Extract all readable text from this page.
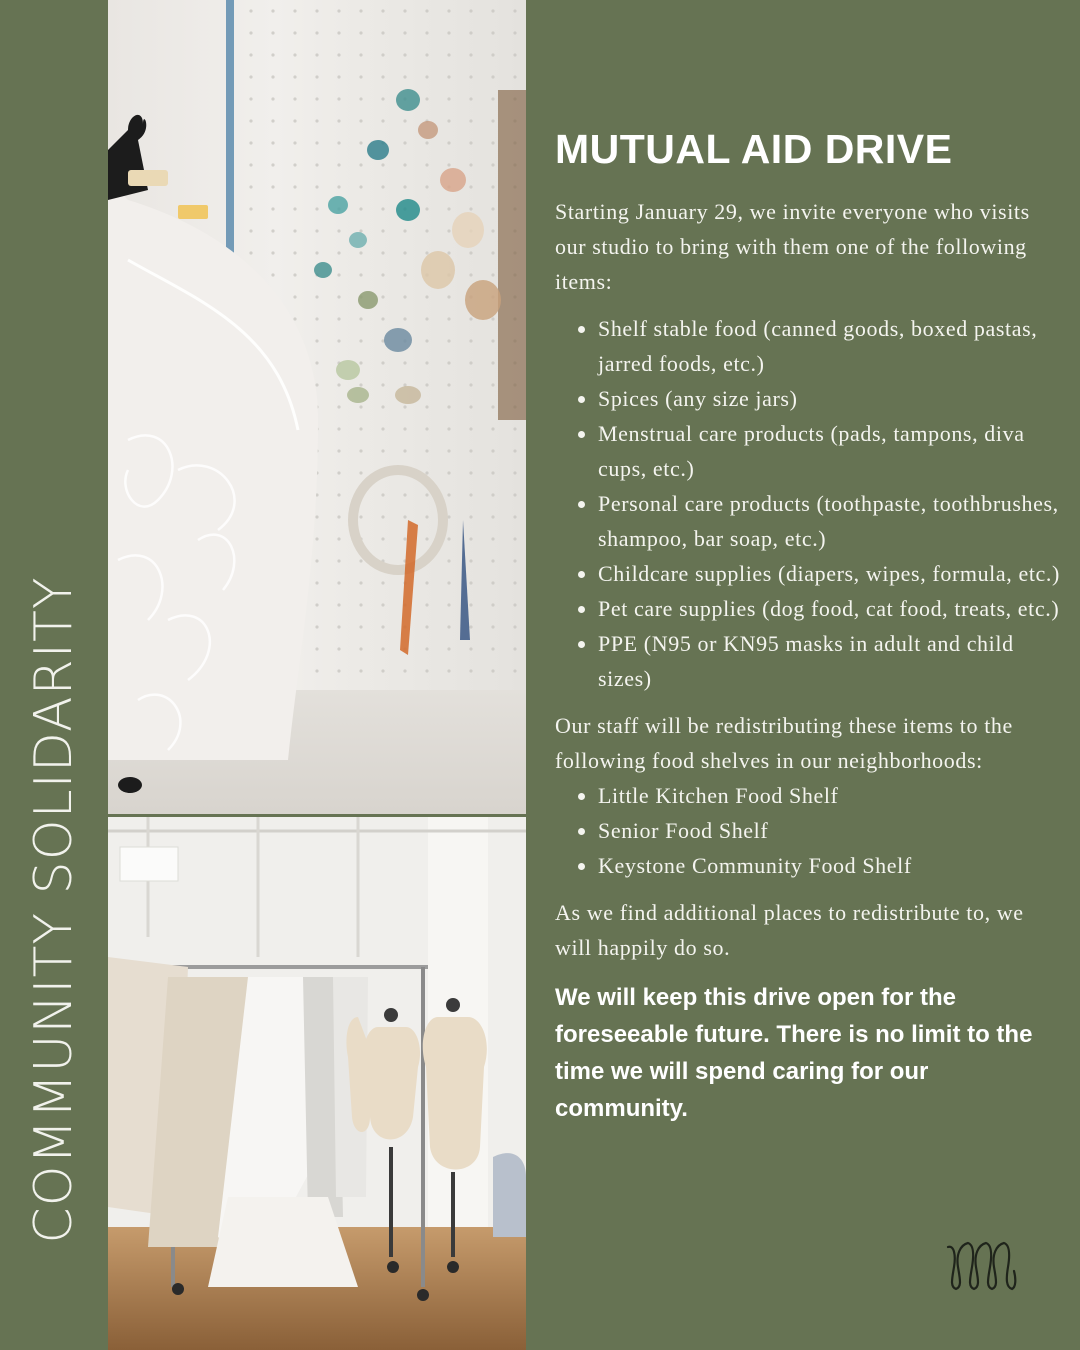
COMMUNITY SOLIDARITY
MUTUAL AID DRIVE

Starting January 29, we invite everyone who visits our studio to bring with them one of the following items:

• Shelf stable food (canned goods, boxed pastas, jarred foods, etc.)
• Spices (any size jars)
• Menstrual care products (pads, tampons, diva cups, etc.)
• Personal care products (toothpaste, toothbrushes, shampoo, bar soap, etc.)
• Childcare supplies (diapers, wipes, formula, etc.)
• Pet care supplies (dog food, cat food, treats, etc.)
• PPE (N95 or KN95 masks in adult and child sizes)

Our staff will be redistributing these items to the following food shelves in our neighborhoods:

• Little Kitchen Food Shelf
• Senior Food Shelf
• Keystone Community Food Shelf

As we find additional places to redistribute to, we will happily do so.

We will keep this drive open for the foreseeable future. There is no limit to the time we will spend caring for our community.
